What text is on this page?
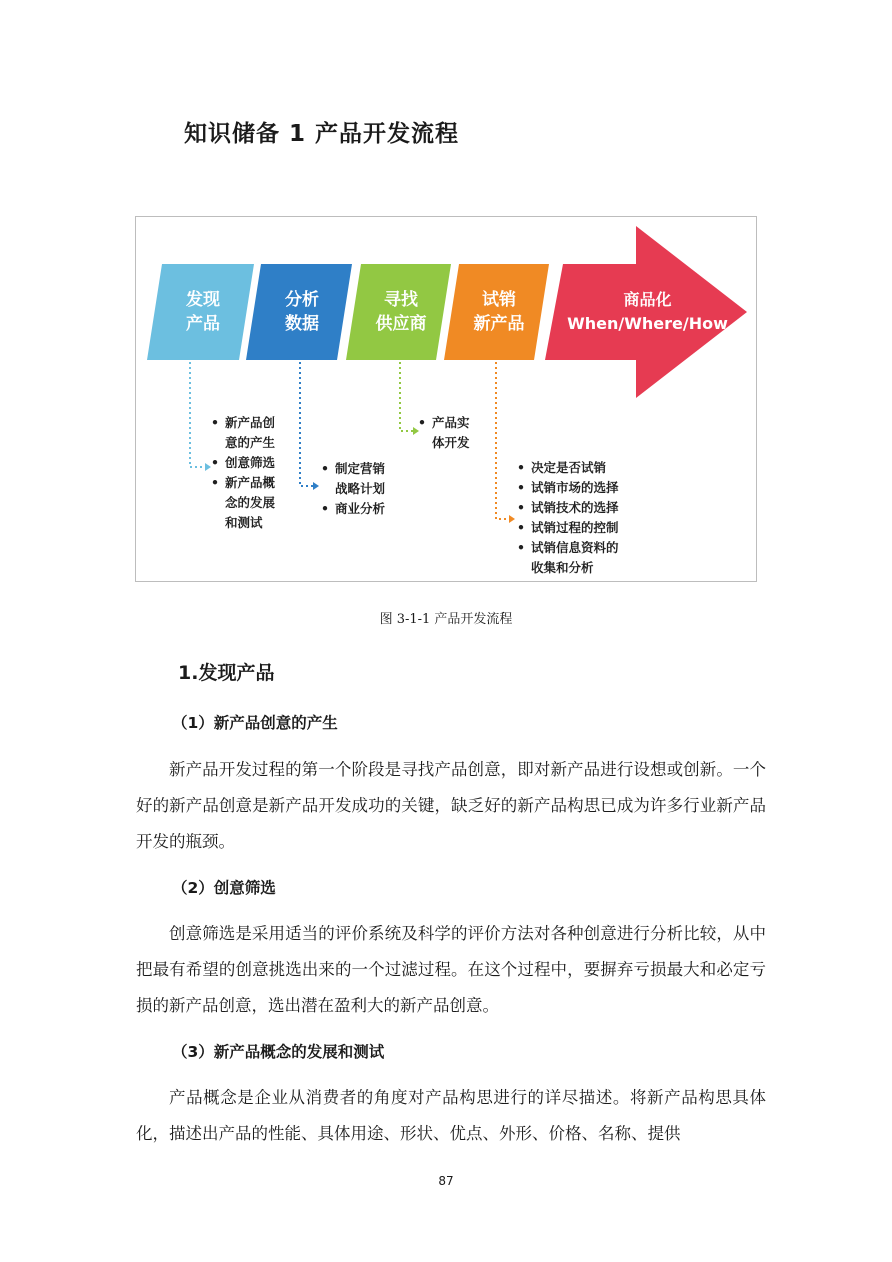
知识储备 1 产品开发流程
发现
产品
分析
数据
寻找
供应商
试销
新产品
商品化
When/Where/How
• 新产品创
意的产生
• 创意筛选
• 新产品概
念的发展
和测试
• 制定营销
战略计划
• 商业分析
• 产品实
体开发
• 决定是否试销
• 试销市场的选择
• 试销技术的选择
• 试销过程的控制
• 试销信息资料的
收集和分析
图 3-1-1 产品开发流程
1.发现产品
（1）新产品创意的产生

新产品开发过程的第一个阶段是寻找产品创意，即对新产品进行设想或创新。一个好的新产品创意是新产品开发成功的关键，缺乏好的新产品构思已成为许多行业新产品开发的瓶颈。

（2）创意筛选

创意筛选是采用适当的评价系统及科学的评价方法对各种创意进行分析比较，从中把最有希望的创意挑选出来的一个过滤过程。在这个过程中，要摒弃亏损最大和必定亏损的新产品创意，选出潜在盈利大的新产品创意。

（3）新产品概念的发展和测试

产品概念是企业从消费者的角度对产品构思进行的详尽描述。将新产品构思具体化，描述出产品的性能、具体用途、形状、优点、外形、价格、名称、提供

87
